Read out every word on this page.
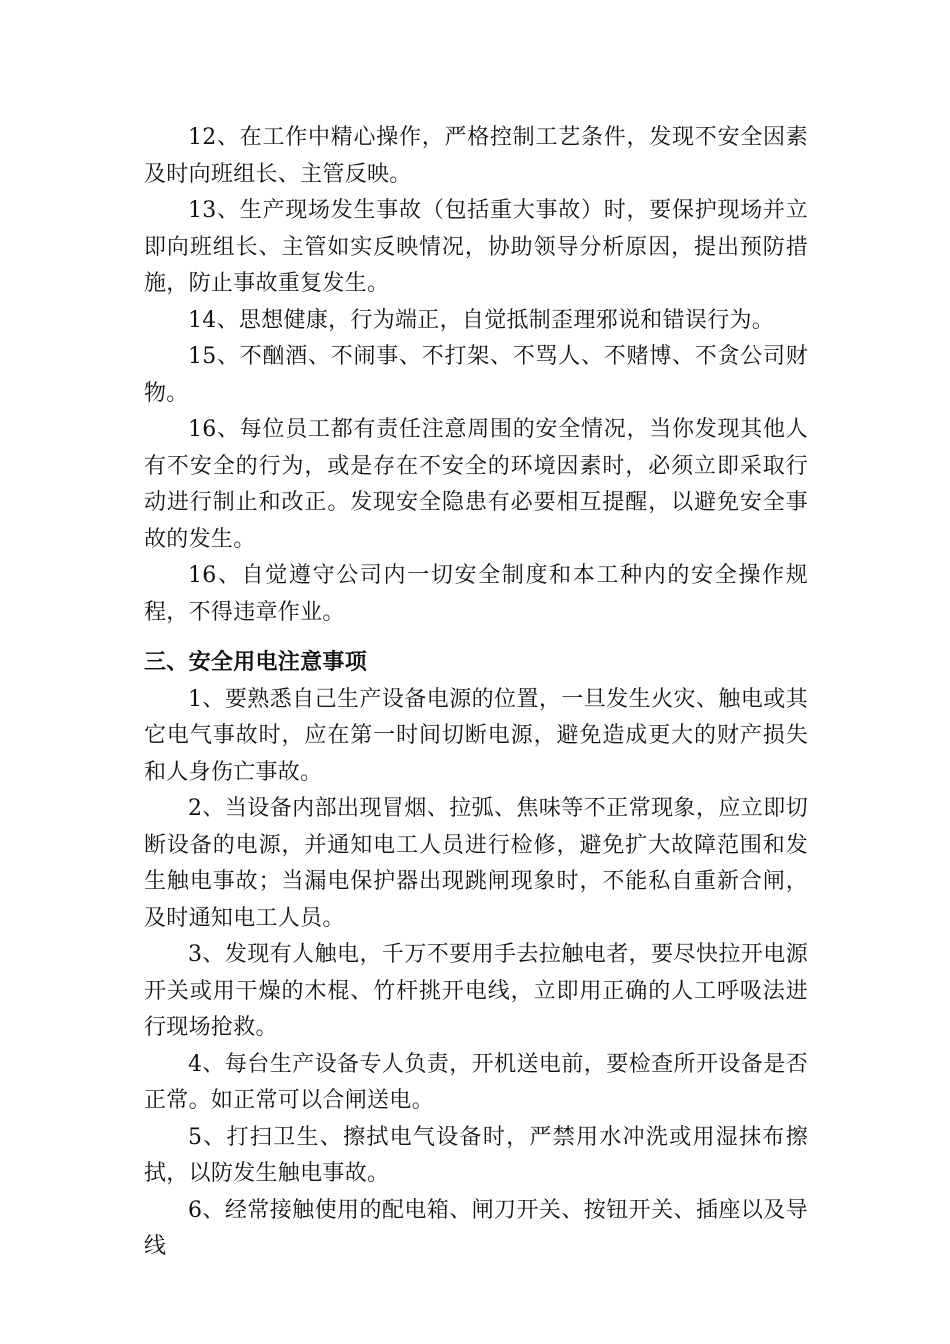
12、在工作中精心操作，严格控制工艺条件，发现不安全因素及时向班组长、主管反映。

13、生产现场发生事故（包括重大事故）时，要保护现场并立即向班组长、主管如实反映情况，协助领导分析原因，提出预防措施，防止事故重复发生。

14、思想健康，行为端正，自觉抵制歪理邪说和错误行为。

15、不酗酒、不闹事、不打架、不骂人、不赌博、不贪公司财物。

16、每位员工都有责任注意周围的安全情况，当你发现其他人有不安全的行为，或是存在不安全的环境因素时，必须立即采取行动进行制止和改正。发现安全隐患有必要相互提醒，以避免安全事故的发生。

16、自觉遵守公司内一切安全制度和本工种内的安全操作规程，不得违章作业。

三、安全用电注意事项

1、要熟悉自己生产设备电源的位置，一旦发生火灾、触电或其它电气事故时，应在第一时间切断电源，避免造成更大的财产损失和人身伤亡事故。

2、当设备内部出现冒烟、拉弧、焦味等不正常现象，应立即切断设备的电源，并通知电工人员进行检修，避免扩大故障范围和发生触电事故；当漏电保护器出现跳闸现象时，不能私自重新合闸，及时通知电工人员。

3、发现有人触电，千万不要用手去拉触电者，要尽快拉开电源开关或用干燥的木棍、竹杆挑开电线，立即用正确的人工呼吸法进行现场抢救。

4、每台生产设备专人负责，开机送电前，要检查所开设备是否正常。如正常可以合闸送电。

5、打扫卫生、擦拭电气设备时，严禁用水冲洗或用湿抹布擦拭，以防发生触电事故。

6、经常接触使用的配电箱、闸刀开关、按钮开关、插座以及导线
